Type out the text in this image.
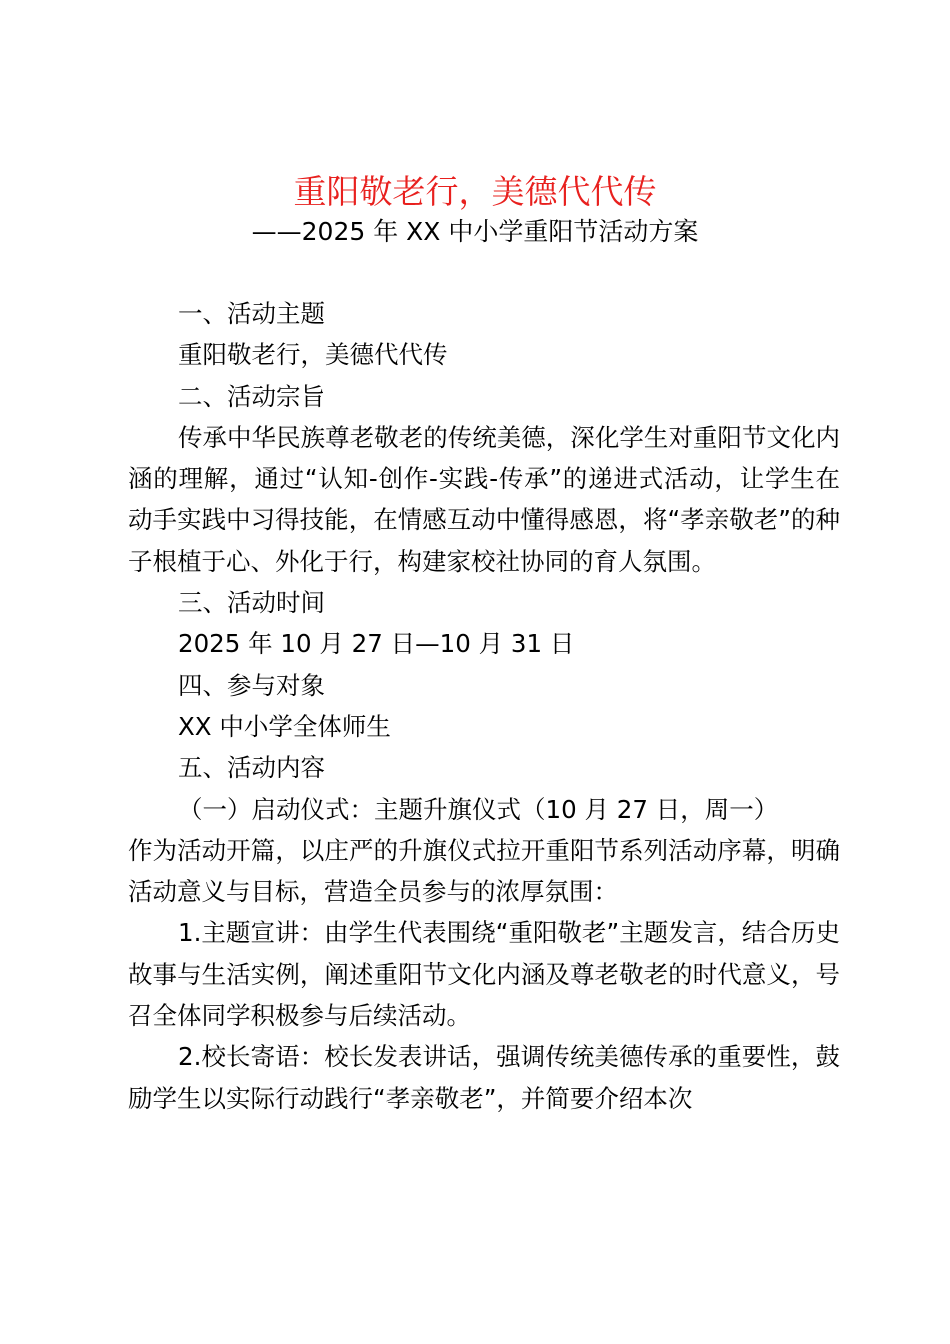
重阳敬老行，美德代代传
——2025 年 XX 中小学重阳节活动方案

一、活动主题

重阳敬老行，美德代代传

二、活动宗旨

传承中华民族尊老敬老的传统美德，深化学生对重阳节文化内涵的理解，通过“认知-创作-实践-传承”的递进式活动，让学生在动手实践中习得技能，在情感互动中懂得感恩，将“孝亲敬老”的种子根植于心、外化于行，构建家校社协同的育人氛围。

三、活动时间

2025 年 10 月 27 日—10 月 31 日

四、参与对象

XX 中小学全体师生

五、活动内容

（一）启动仪式：主题升旗仪式（10 月 27 日，周一）

作为活动开篇，以庄严的升旗仪式拉开重阳节系列活动序幕，明确活动意义与目标，营造全员参与的浓厚氛围：

1.主题宣讲：由学生代表围绕“重阳敬老”主题发言，结合历史故事与生活实例，阐述重阳节文化内涵及尊老敬老的时代意义，号召全体同学积极参与后续活动。

2.校长寄语：校长发表讲话，强调传统美德传承的重要性，鼓励学生以实际行动践行“孝亲敬老”，并简要介绍本次
